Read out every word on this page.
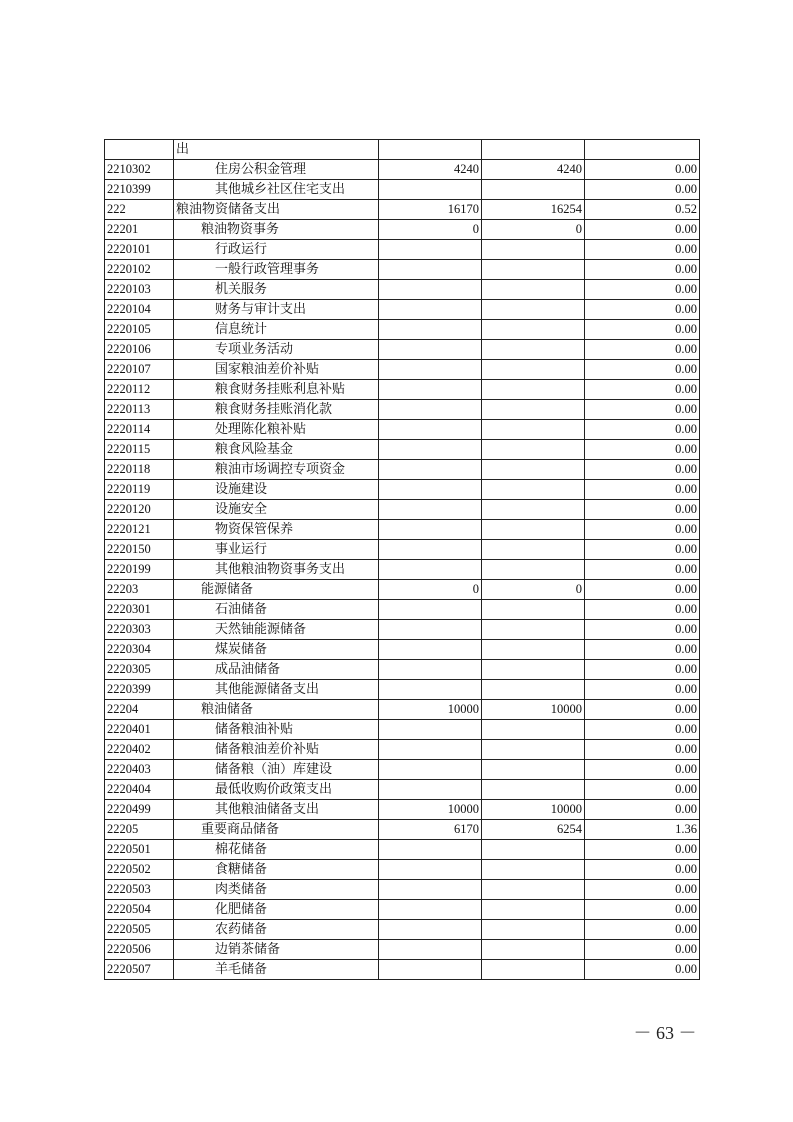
	出			
2210302	住房公积金管理	4240	4240	0.00
2210399	其他城乡社区住宅支出			0.00
222	粮油物资储备支出	16170	16254	0.52
22201	粮油物资事务	0	0	0.00
2220101	行政运行			0.00
2220102	一般行政管理事务			0.00
2220103	机关服务			0.00
2220104	财务与审计支出			0.00
2220105	信息统计			0.00
2220106	专项业务活动			0.00
2220107	国家粮油差价补贴			0.00
2220112	粮食财务挂账利息补贴			0.00
2220113	粮食财务挂账消化款			0.00
2220114	处理陈化粮补贴			0.00
2220115	粮食风险基金			0.00
2220118	粮油市场调控专项资金			0.00
2220119	设施建设			0.00
2220120	设施安全			0.00
2220121	物资保管保养			0.00
2220150	事业运行			0.00
2220199	其他粮油物资事务支出			0.00
22203	能源储备	0	0	0.00
2220301	石油储备			0.00
2220303	天然铀能源储备			0.00
2220304	煤炭储备			0.00
2220305	成品油储备			0.00
2220399	其他能源储备支出			0.00
22204	粮油储备	10000	10000	0.00
2220401	储备粮油补贴			0.00
2220402	储备粮油差价补贴			0.00
2220403	储备粮（油）库建设			0.00
2220404	最低收购价政策支出			0.00
2220499	其他粮油储备支出	10000	10000	0.00
22205	重要商品储备	6170	6254	1.36
2220501	棉花储备			0.00
2220502	食糖储备			0.00
2220503	肉类储备			0.00
2220504	化肥储备			0.00
2220505	农药储备			0.00
2220506	边销茶储备			0.00
2220507	羊毛储备			0.00
－ 63 －
